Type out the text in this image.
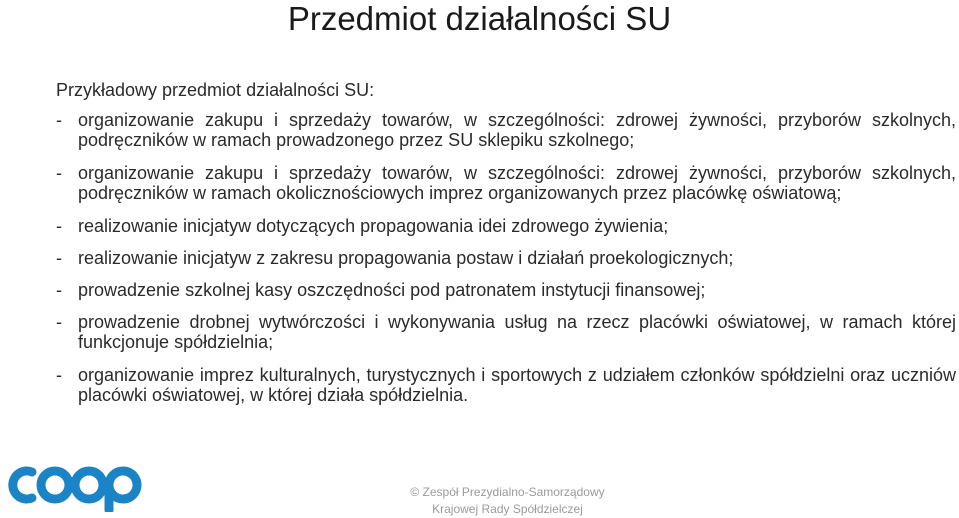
Przedmiot działalności SU
Przykładowy przedmiot działalności SU:
- organizowanie zakupu i sprzedaży towarów, w szczególności: zdrowej żywności, przyborów szkolnych, podręczników w ramach prowadzonego przez SU sklepiku szkolnego;
- organizowanie zakupu i sprzedaży towarów, w szczególności: zdrowej żywności, przyborów szkolnych, podręczników w ramach okolicznościowych imprez organizowanych przez placówkę oświatową;
- realizowanie inicjatyw dotyczących propagowania idei zdrowego żywienia;
- realizowanie inicjatyw z zakresu propagowania postaw i działań proekologicznych;
- prowadzenie szkolnej kasy oszczędności pod patronatem instytucji finansowej;
- prowadzenie drobnej wytwórczości i wykonywania usług na rzecz placówki oświatowej, w ramach której funkcjonuje spółdzielnia;
- organizowanie imprez kulturalnych, turystycznych i sportowych z udziałem członków spółdzielni oraz uczniów placówki oświatowej, w której działa spółdzielnia.
© Zespół Prezydialno-Samorządowy
Krajowej Rady Spółdzielczej
